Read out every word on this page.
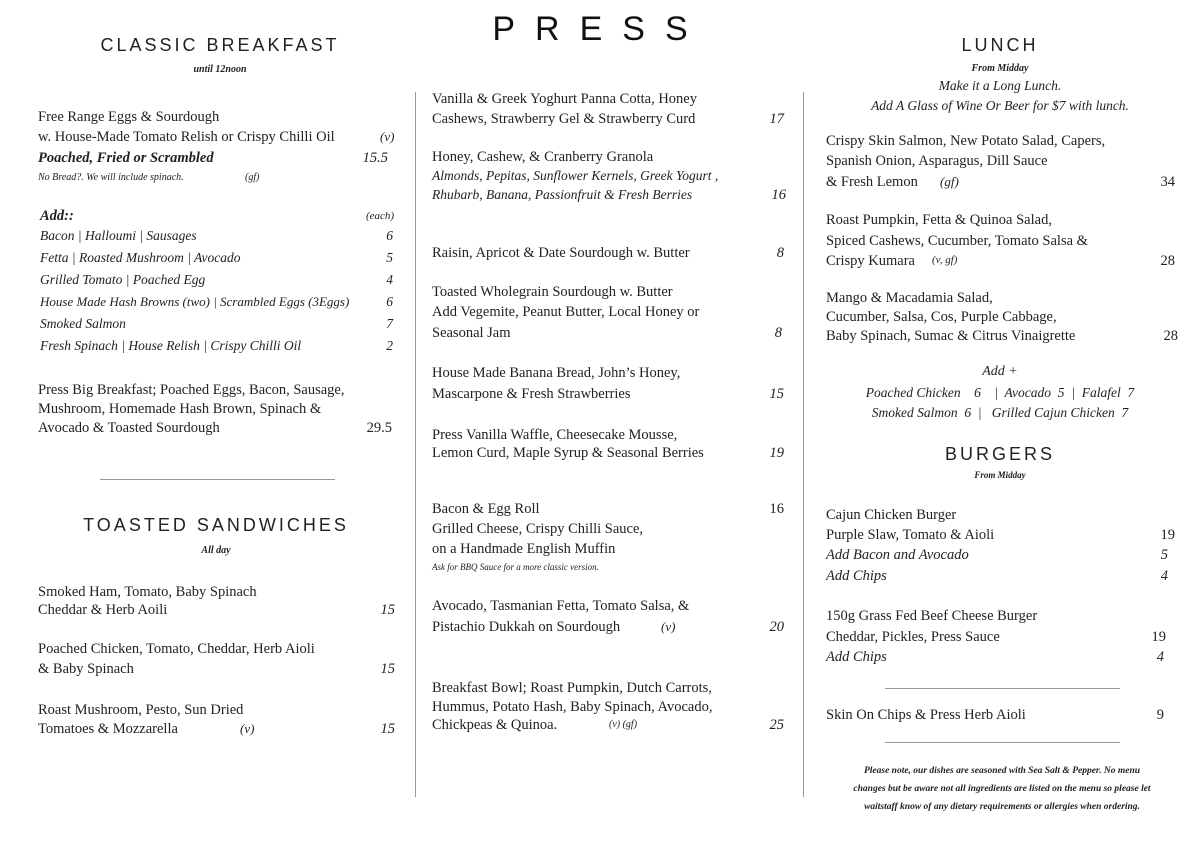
PRESS
CLASSIC BREAKFAST
until 12noon
Free Range Eggs & Sourdough
w. House-Made Tomato Relish or Crispy Chilli Oil	(v)
Poached, Fried or Scrambled	15.5
No Bread?. We will include spinach.	(gf)
Add::	(each)
Bacon | Halloumi | Sausages	6
Fetta | Roasted Mushroom | Avocado	5
Grilled Tomato | Poached Egg	4
House Made Hash Browns (two) | Scrambled Eggs (3Eggs)	6
Smoked Salmon	7
Fresh Spinach | House Relish | Crispy Chilli Oil	2
Press Big Breakfast; Poached Eggs, Bacon, Sausage,
Mushroom, Homemade Hash Brown, Spinach &
Avocado & Toasted Sourdough	29.5
TOASTED SANDWICHES
All day
Smoked Ham, Tomato, Baby Spinach
Cheddar & Herb Aoili	15
Poached Chicken, Tomato, Cheddar, Herb Aioli
& Baby Spinach	15
Roast Mushroom, Pesto, Sun Dried
Tomatoes & Mozzarella	(v)	15
Vanilla & Greek Yoghurt Panna Cotta, Honey
Cashews, Strawberry Gel & Strawberry Curd	17
Honey, Cashew, & Cranberry Granola
Almonds, Pepitas, Sunflower Kernels, Greek Yogurt ,
Rhubarb, Banana, Passionfruit & Fresh Berries	16
Raisin, Apricot & Date Sourdough w. Butter	8
Toasted Wholegrain Sourdough w. Butter
Add Vegemite, Peanut Butter, Local Honey or
Seasonal Jam	8
House Made Banana Bread, John’s Honey,
Mascarpone & Fresh Strawberries	15
Press Vanilla Waffle, Cheesecake Mousse,
Lemon Curd, Maple Syrup & Seasonal Berries	19
Bacon & Egg Roll	16
Grilled Cheese, Crispy Chilli Sauce,
on a Handmade English Muffin
Ask for BBQ Sauce for a more classic version.
Avocado, Tasmanian Fetta, Tomato Salsa, &
Pistachio Dukkah on Sourdough	(v)	20
Breakfast Bowl; Roast Pumpkin, Dutch Carrots,
Hummus, Potato Hash, Baby Spinach, Avocado,
Chickpeas & Quinoa.	(v) (gf)	25
LUNCH
From Midday
Make it a Long Lunch.
Add A Glass of Wine Or Beer for $7 with lunch.
Crispy Skin Salmon, New Potato Salad, Capers,
Spanish Onion, Asparagus, Dill Sauce
& Fresh Lemon (gf)	34
Roast Pumpkin, Fetta & Quinoa Salad,
Spiced Cashews, Cucumber, Tomato Salsa &
Crispy Kumara (v, gf)	28
Mango & Macadamia Salad,
Cucumber, Salsa, Cos, Purple Cabbage,
Baby Spinach, Sumac & Citrus Vinaigrette	28
Add +
Poached Chicken    6    |  Avocado  5  |  Falafel  7
Smoked Salmon  6  |   Grilled Cajun Chicken  7
BURGERS
From Midday
Cajun Chicken Burger
Purple Slaw, Tomato & Aioli	19
Add Bacon and Avocado	5
Add Chips	4
150g Grass Fed Beef Cheese Burger
Cheddar, Pickles, Press Sauce	19
Add Chips	4
Skin On Chips & Press Herb Aioli	9
Please note, our dishes are seasoned with Sea Salt & Pepper. No menu
changes but be aware not all ingredients are listed on the menu so please let
waitstaff know of any dietary requirements or allergies when ordering.
